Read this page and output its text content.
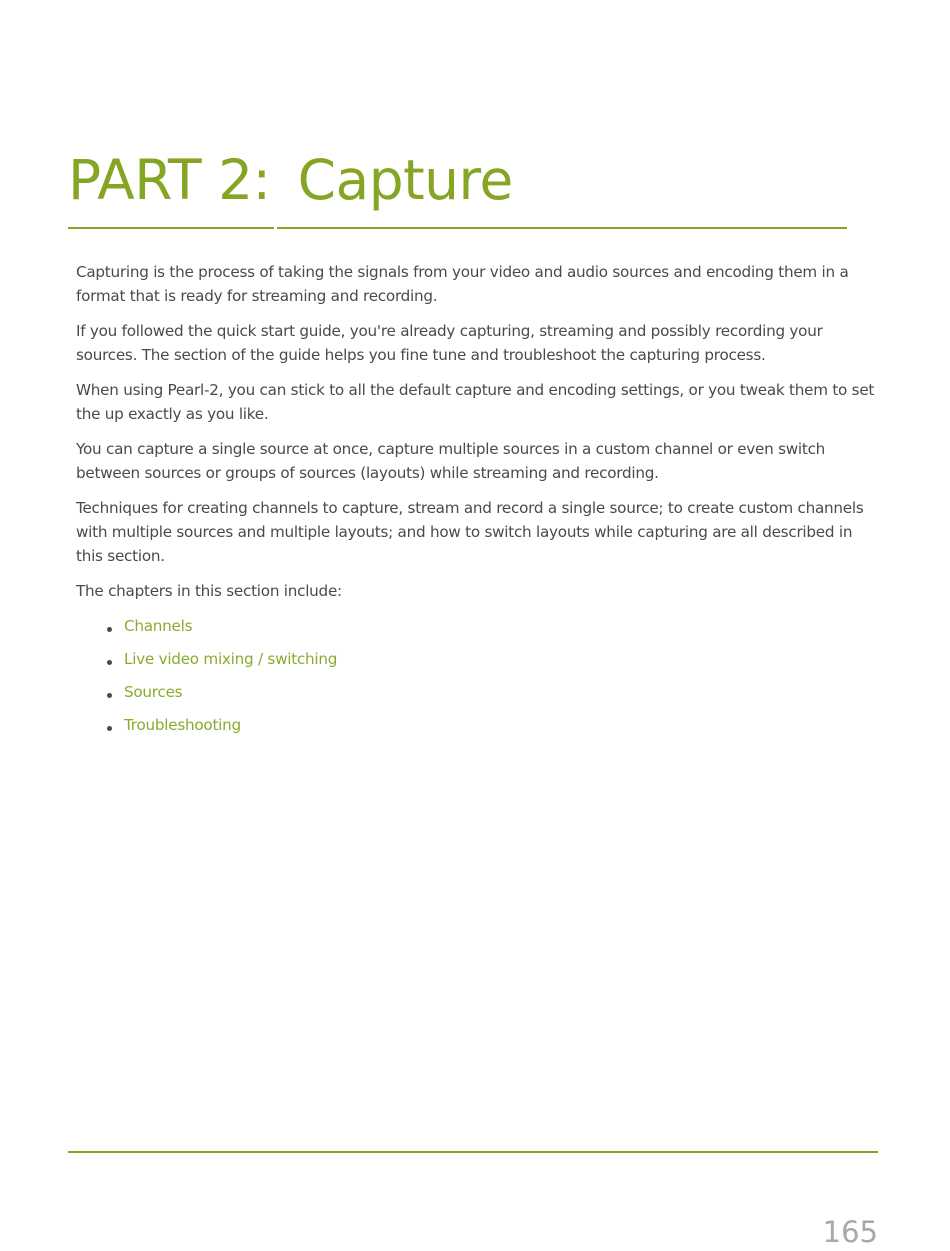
PART 2: Capture

Capturing is the process of taking the signals from your video and audio sources and encoding them in a format that is ready for streaming and recording.

If you followed the quick start guide, you're already capturing, streaming and possibly recording your sources. The section of the guide helps you fine tune and troubleshoot the capturing process.

When using Pearl-2, you can stick to all the default capture and encoding settings, or you tweak them to set the up exactly as you like.

You can capture a single source at once, capture multiple sources in a custom channel or even switch between sources or groups of sources (layouts) while streaming and recording.

Techniques for creating channels to capture, stream and record a single source; to create custom channels with multiple sources and multiple layouts; and how to switch layouts while capturing are all described in this section.

The chapters in this section include:

Channels
Live video mixing / switching
Sources
Troubleshooting
165
